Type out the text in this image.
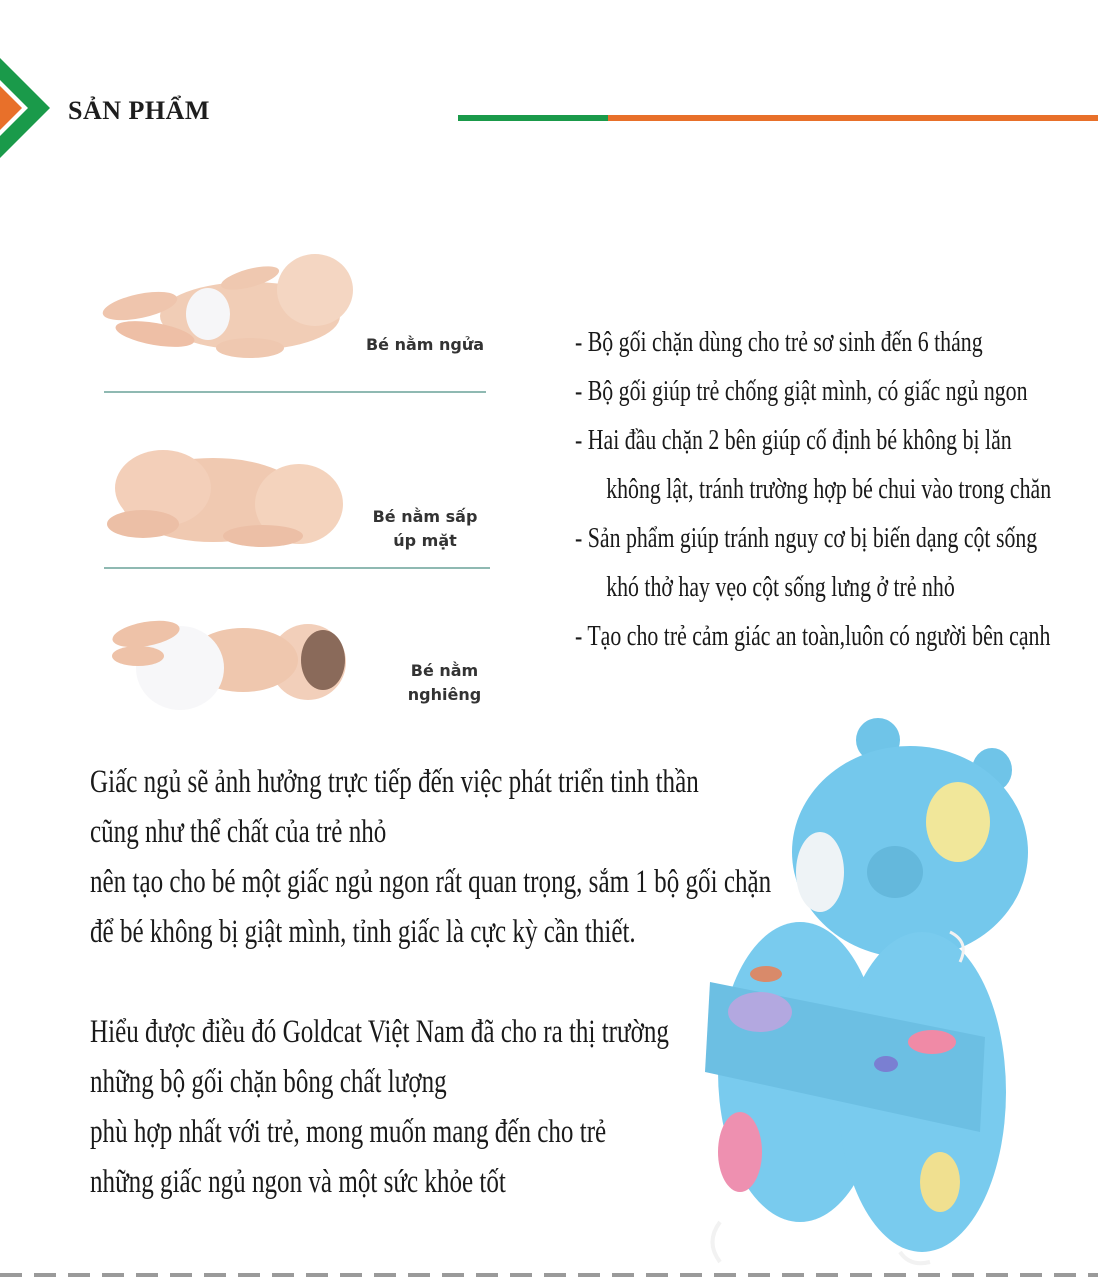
SẢN PHẨM
Bé nằm ngửa
Bé nằm sấp
úp mặt
Bé nằm nghiêng
- Bộ gối chặn dùng cho trẻ sơ sinh đến 6 tháng
- Bộ gối giúp trẻ chống giật mình, có giấc ngủ ngon
- Hai đầu chặn 2 bên giúp cố định bé không bị lăn
không lật, tránh trường hợp bé chui vào trong chăn
- Sản phẩm giúp tránh nguy cơ bị biến dạng cột sống
khó thở hay vẹo cột sống lưng ở trẻ nhỏ
- Tạo cho trẻ cảm giác an toàn,luôn có người bên cạnh
Giấc ngủ sẽ ảnh hưởng trực tiếp đến việc phát triển tinh thần
cũng như thể chất của trẻ nhỏ
nên tạo cho bé một giấc ngủ ngon rất quan trọng, sắm 1 bộ gối chặn
để bé không bị giật mình, tỉnh giấc là cực kỳ cần thiết.
Hiểu được điều đó Goldcat Việt Nam đã cho ra thị trường
những bộ gối chặn bông chất lượng
phù hợp nhất với trẻ, mong muốn mang đến cho trẻ
những giấc ngủ ngon và một sức khỏe tốt
